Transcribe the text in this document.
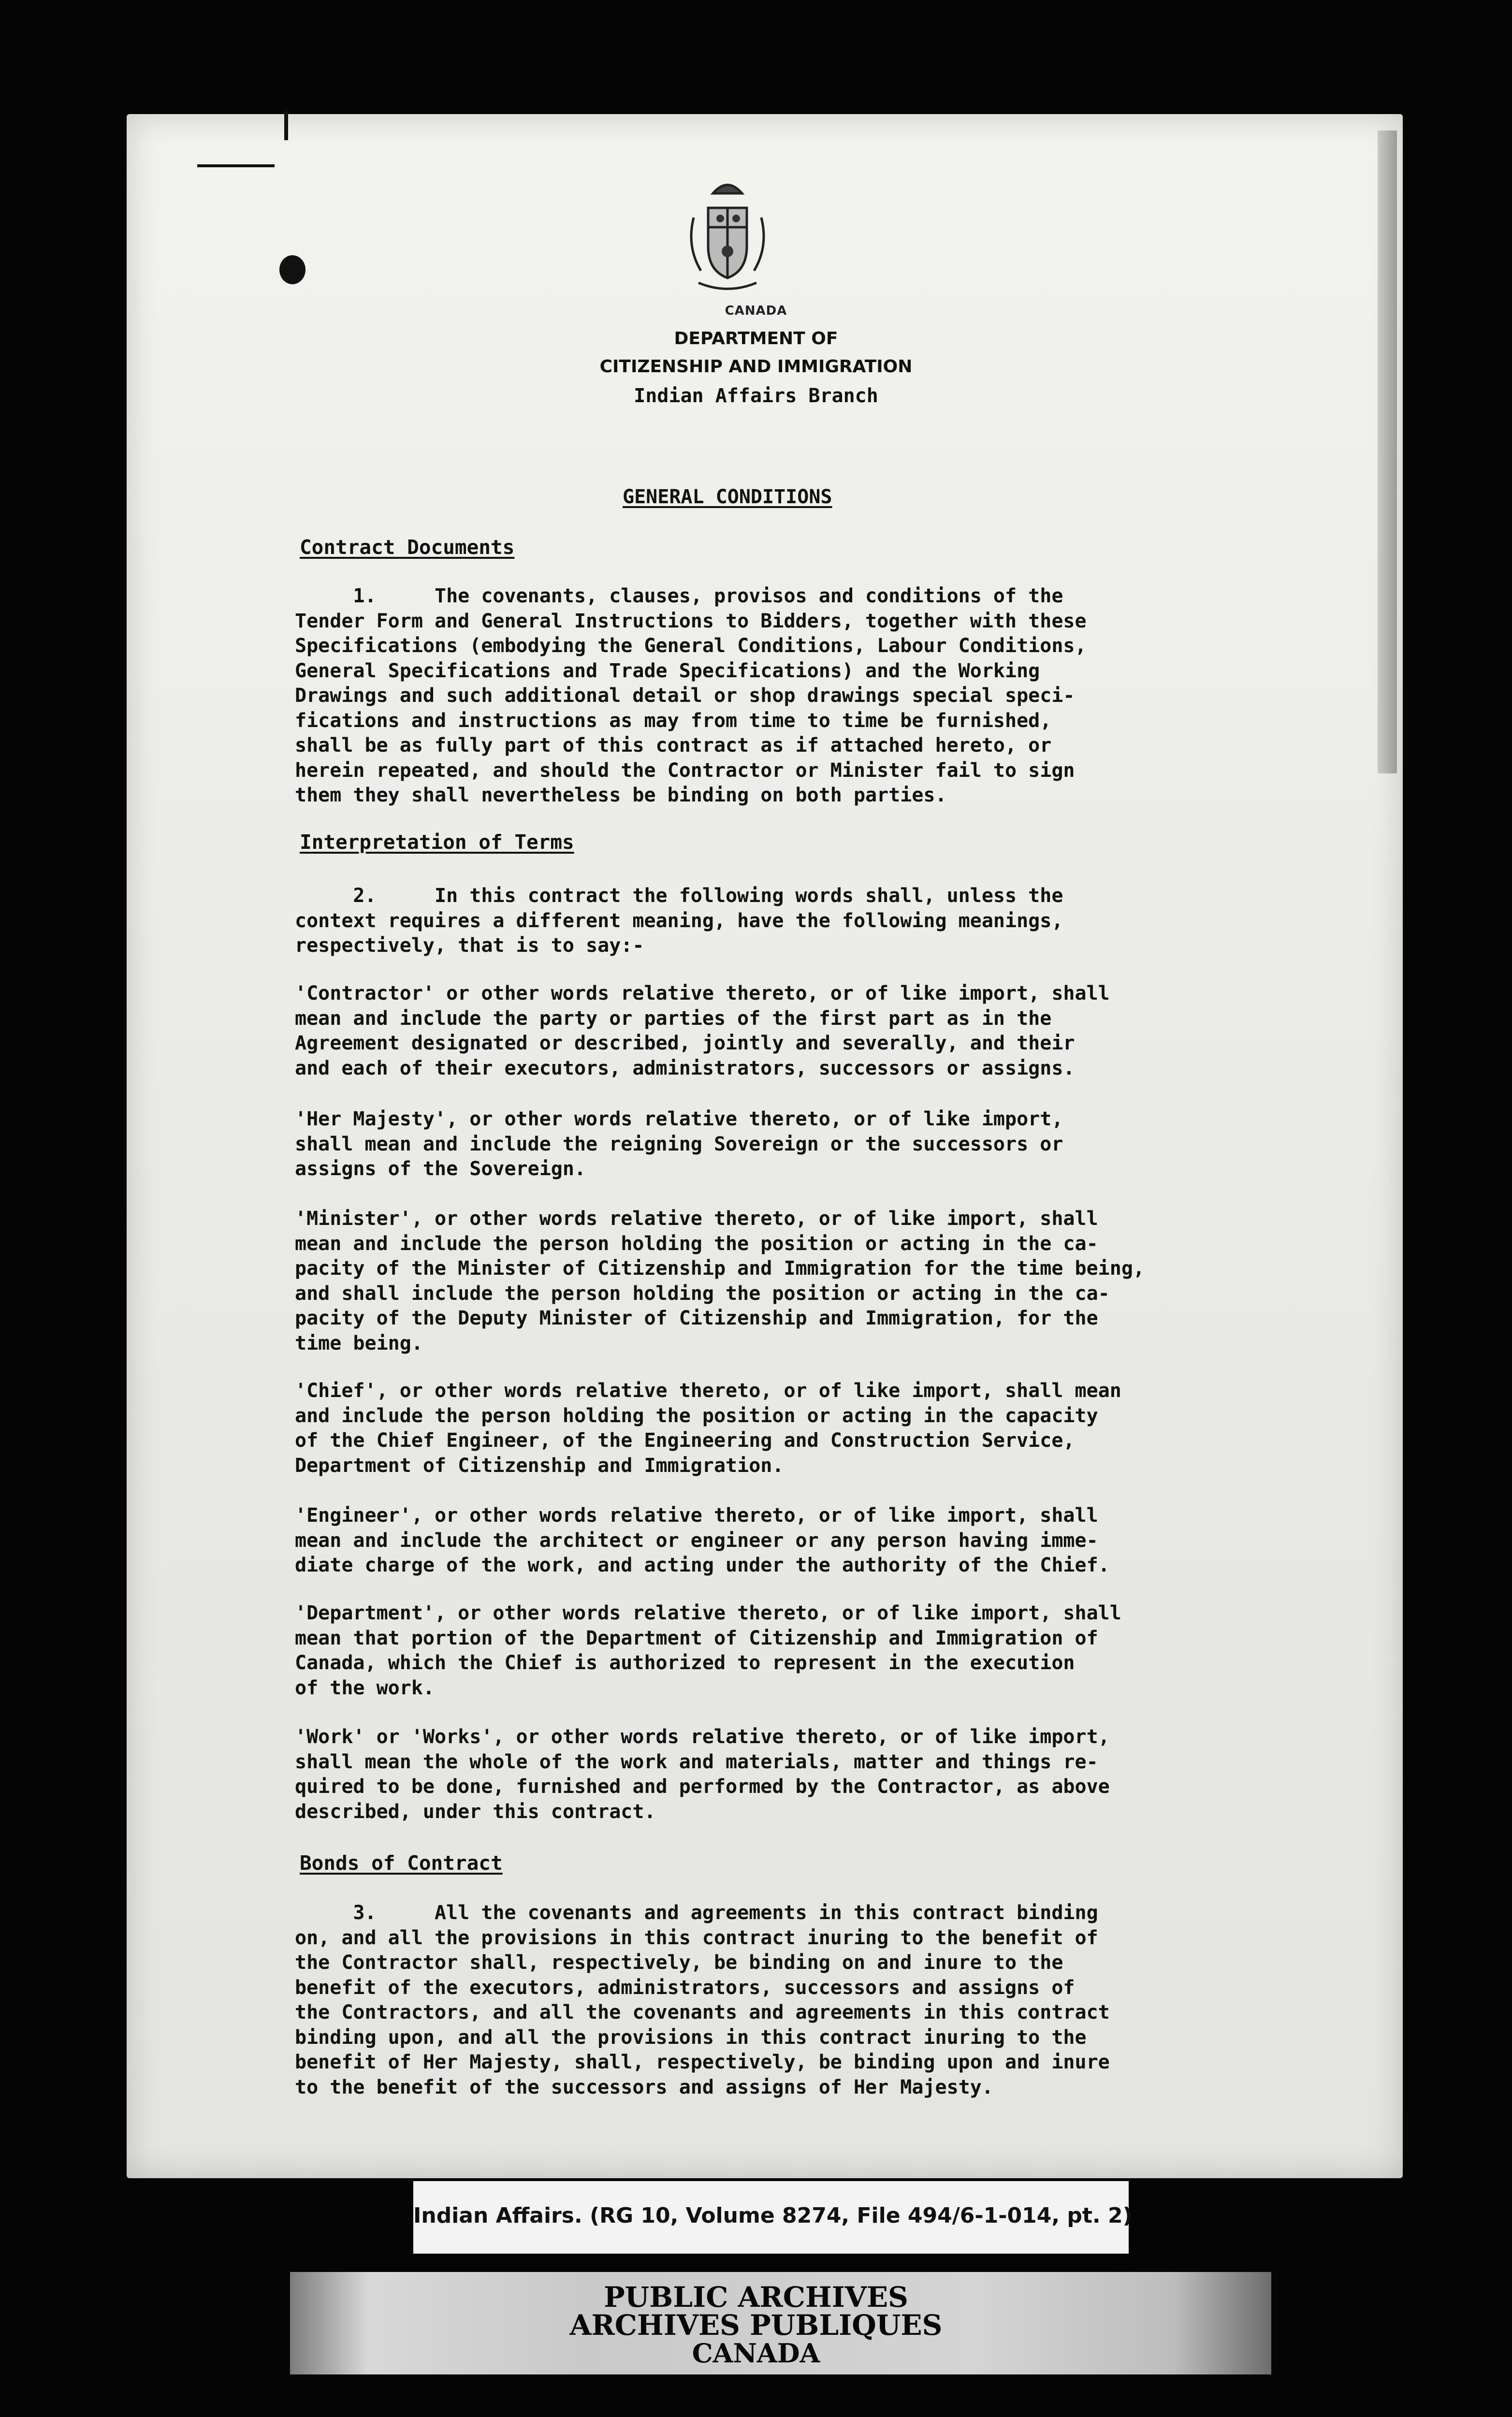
CANADA
DEPARTMENT OF
CITIZENSHIP AND IMMIGRATION
Indian Affairs Branch
GENERAL CONDITIONS
Contract Documents
1.     The covenants, clauses, provisos and conditions of the
Tender Form and General Instructions to Bidders, together with these
Specifications (embodying the General Conditions, Labour Conditions,
General Specifications and Trade Specifications) and the Working
Drawings and such additional detail or shop drawings special speci-
fications and instructions as may from time to time be furnished,
shall be as fully part of this contract as if attached hereto, or
herein repeated, and should the Contractor or Minister fail to sign
them they shall nevertheless be binding on both parties.
Interpretation of Terms
2.     In this contract the following words shall, unless the
context requires a different meaning, have the following meanings,
respectively, that is to say:-
'Contractor' or other words relative thereto, or of like import, shall
mean and include the party or parties of the first part as in the
Agreement designated or described, jointly and severally, and their
and each of their executors, administrators, successors or assigns.
'Her Majesty', or other words relative thereto, or of like import,
shall mean and include the reigning Sovereign or the successors or
assigns of the Sovereign.
'Minister', or other words relative thereto, or of like import, shall
mean and include the person holding the position or acting in the ca-
pacity of the Minister of Citizenship and Immigration for the time being,
and shall include the person holding the position or acting in the ca-
pacity of the Deputy Minister of Citizenship and Immigration, for the
time being.
'Chief', or other words relative thereto, or of like import, shall mean
and include the person holding the position or acting in the capacity
of the Chief Engineer, of the Engineering and Construction Service,
Department of Citizenship and Immigration.
'Engineer', or other words relative thereto, or of like import, shall
mean and include the architect or engineer or any person having imme-
diate charge of the work, and acting under the authority of the Chief.
'Department', or other words relative thereto, or of like import, shall
mean that portion of the Department of Citizenship and Immigration of
Canada, which the Chief is authorized to represent in the execution
of the work.
'Work' or 'Works', or other words relative thereto, or of like import,
shall mean the whole of the work and materials, matter and things re-
quired to be done, furnished and performed by the Contractor, as above
described, under this contract.
Bonds of Contract
3.     All the covenants and agreements in this contract binding
on, and all the provisions in this contract inuring to the benefit of
the Contractor shall, respectively, be binding on and inure to the
benefit of the executors, administrators, successors and assigns of
the Contractors, and all the covenants and agreements in this contract
binding upon, and all the provisions in this contract inuring to the
benefit of Her Majesty, shall, respectively, be binding upon and inure
to the benefit of the successors and assigns of Her Majesty.
Indian Affairs. (RG 10, Volume 8274, File 494/6-1-014, pt. 2)
PUBLIC ARCHIVES
ARCHIVES PUBLIQUES
CANADA
